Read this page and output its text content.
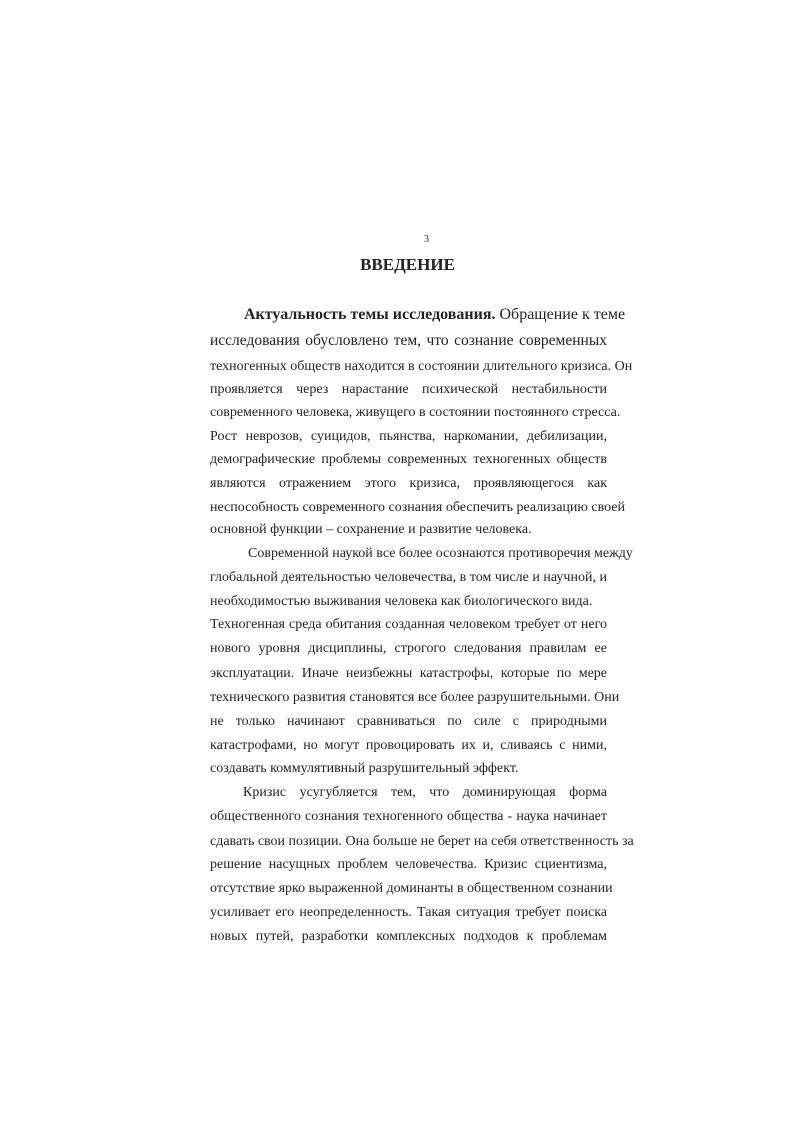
3
ВВЕДЕНИЕ
Актуальность темы исследования. Обращение к теме
исследования обусловлено тем, что сознание современных
техногенных обществ находится в состоянии длительного кризиса. Он
проявляется через нарастание психической нестабильности
современного человека, живущего в состоянии постоянного стресса.
Рост неврозов, суицидов, пьянства, наркомании, дебилизации,
демографические проблемы современных техногенных обществ
являются отражением этого кризиса, проявляющегося как
неспособность современного сознания обеспечить реализацию своей
основной функции – сохранение и развитие человека.
Современной наукой все более осознаются противоречия между
глобальной деятельностью человечества, в том числе и научной, и
необходимостью выживания человека как биологического вида.
Техногенная среда обитания созданная человеком требует от него
нового уровня дисциплины, строгого следования правилам ее
эксплуатации. Иначе неизбежны катастрофы, которые по мере
технического развития становятся все более разрушительными. Они
не только начинают сравниваться по силе с природными
катастрофами, но могут провоцировать их и, сливаясь с ними,
создавать коммулятивный разрушительный эффект.
Кризис усугубляется тем, что доминирующая форма
общественного сознания техногенного общества - наука начинает
сдавать свои позиции. Она больше не берет на себя ответственность за
решение насущных проблем человечества. Кризис сциентизма,
отсутствие ярко выраженной доминанты в общественном сознании
усиливает его неопределенность. Такая ситуация требует поиска
новых путей, разработки комплексных подходов к проблемам
